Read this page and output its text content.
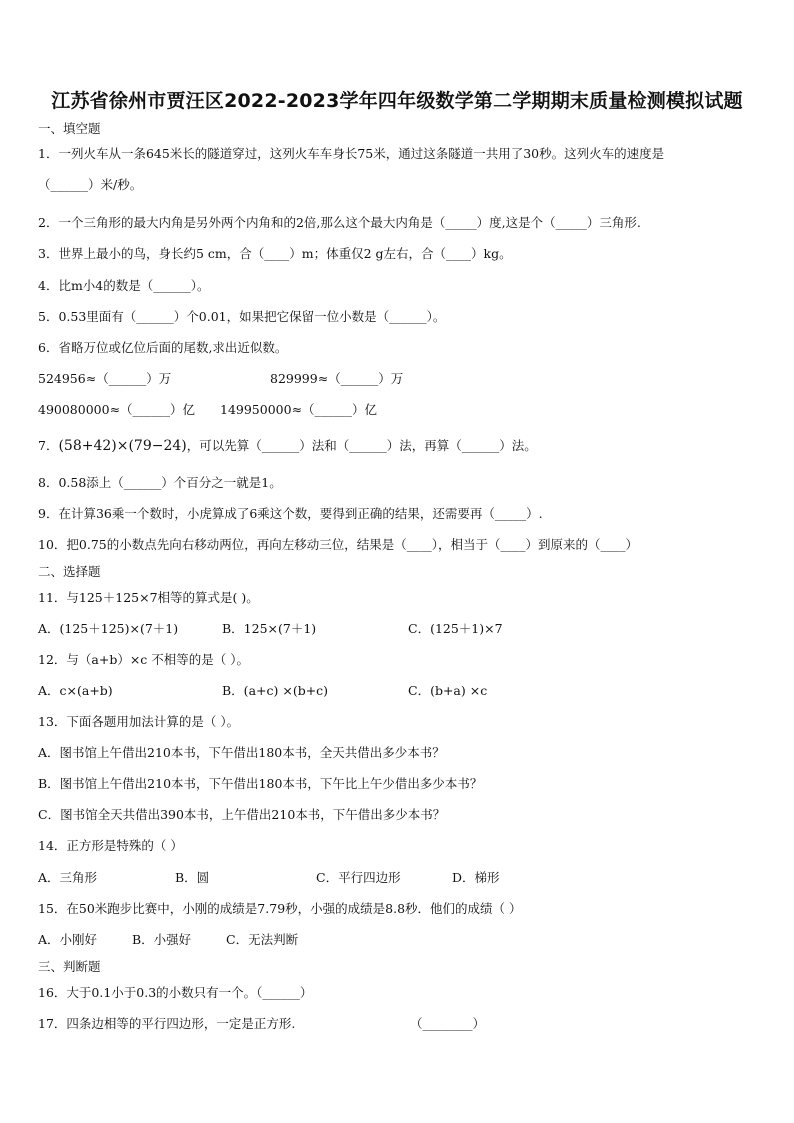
江苏省徐州市贾汪区2022-2023学年四年级数学第二学期期末质量检测模拟试题
一、填空题
1．一列火车从一条645米长的隧道穿过，这列火车车身长75米，通过这条隧道一共用了30秒。这列火车的速度是
（______）米/秒。
2．一个三角形的最大内角是另外两个内角和的2倍,那么这个最大内角是（_____）度,这是个（_____）三角形.
3．世界上最小的鸟，身长约5 cm，合（____）m；体重仅2 g左右，合（____）kg。
4．比m小4的数是（______）。
5．0.53里面有（______）个0.01，如果把它保留一位小数是（______）。
6．省略万位或亿位后面的尾数,求出近似数。
524956≈（______）万	829999≈（______）万
490080000≈（______）亿 149950000≈（______）亿
7．(58+42)×(79−24)，可以先算（______）法和（______）法，再算（______）法。
8．0.58添上（______）个百分之一就是1。
9．在计算36乘一个数时，小虎算成了6乘这个数，要得到正确的结果，还需要再（_____）.
10．把0.75的小数点先向右移动两位，再向左移动三位，结果是（____），相当于（____）到原来的（____）
二、选择题
11．与125＋125×7相等的算式是( )。
A．(125＋125)×(7＋1)	B．125×(7＋1)	C．(125＋1)×7
12．与（a+b）×c 不相等的是（ ）。
A．c×(a+b)	B．(a+c) ×(b+c)	C．(b+a) ×c
13．下面各题用加法计算的是（ ）。
A．图书馆上午借出210本书，下午借出180本书，全天共借出多少本书？
B．图书馆上午借出210本书，下午借出180本书，下午比上午少借出多少本书？
C．图书馆全天共借出390本书，上午借出210本书，下午借出多少本书？
14．正方形是特殊的（ ）
A．三角形	B．圆	C．平行四边形	D．梯形
15．在50米跑步比赛中，小刚的成绩是7.79秒，小强的成绩是8.8秒．他们的成绩（ ）
A．小刚好	B．小强好	C．无法判断
三、判断题
16．大于0.1小于0.3的小数只有一个。（______）
17．四条边相等的平行四边形，一定是正方形.	（________）
